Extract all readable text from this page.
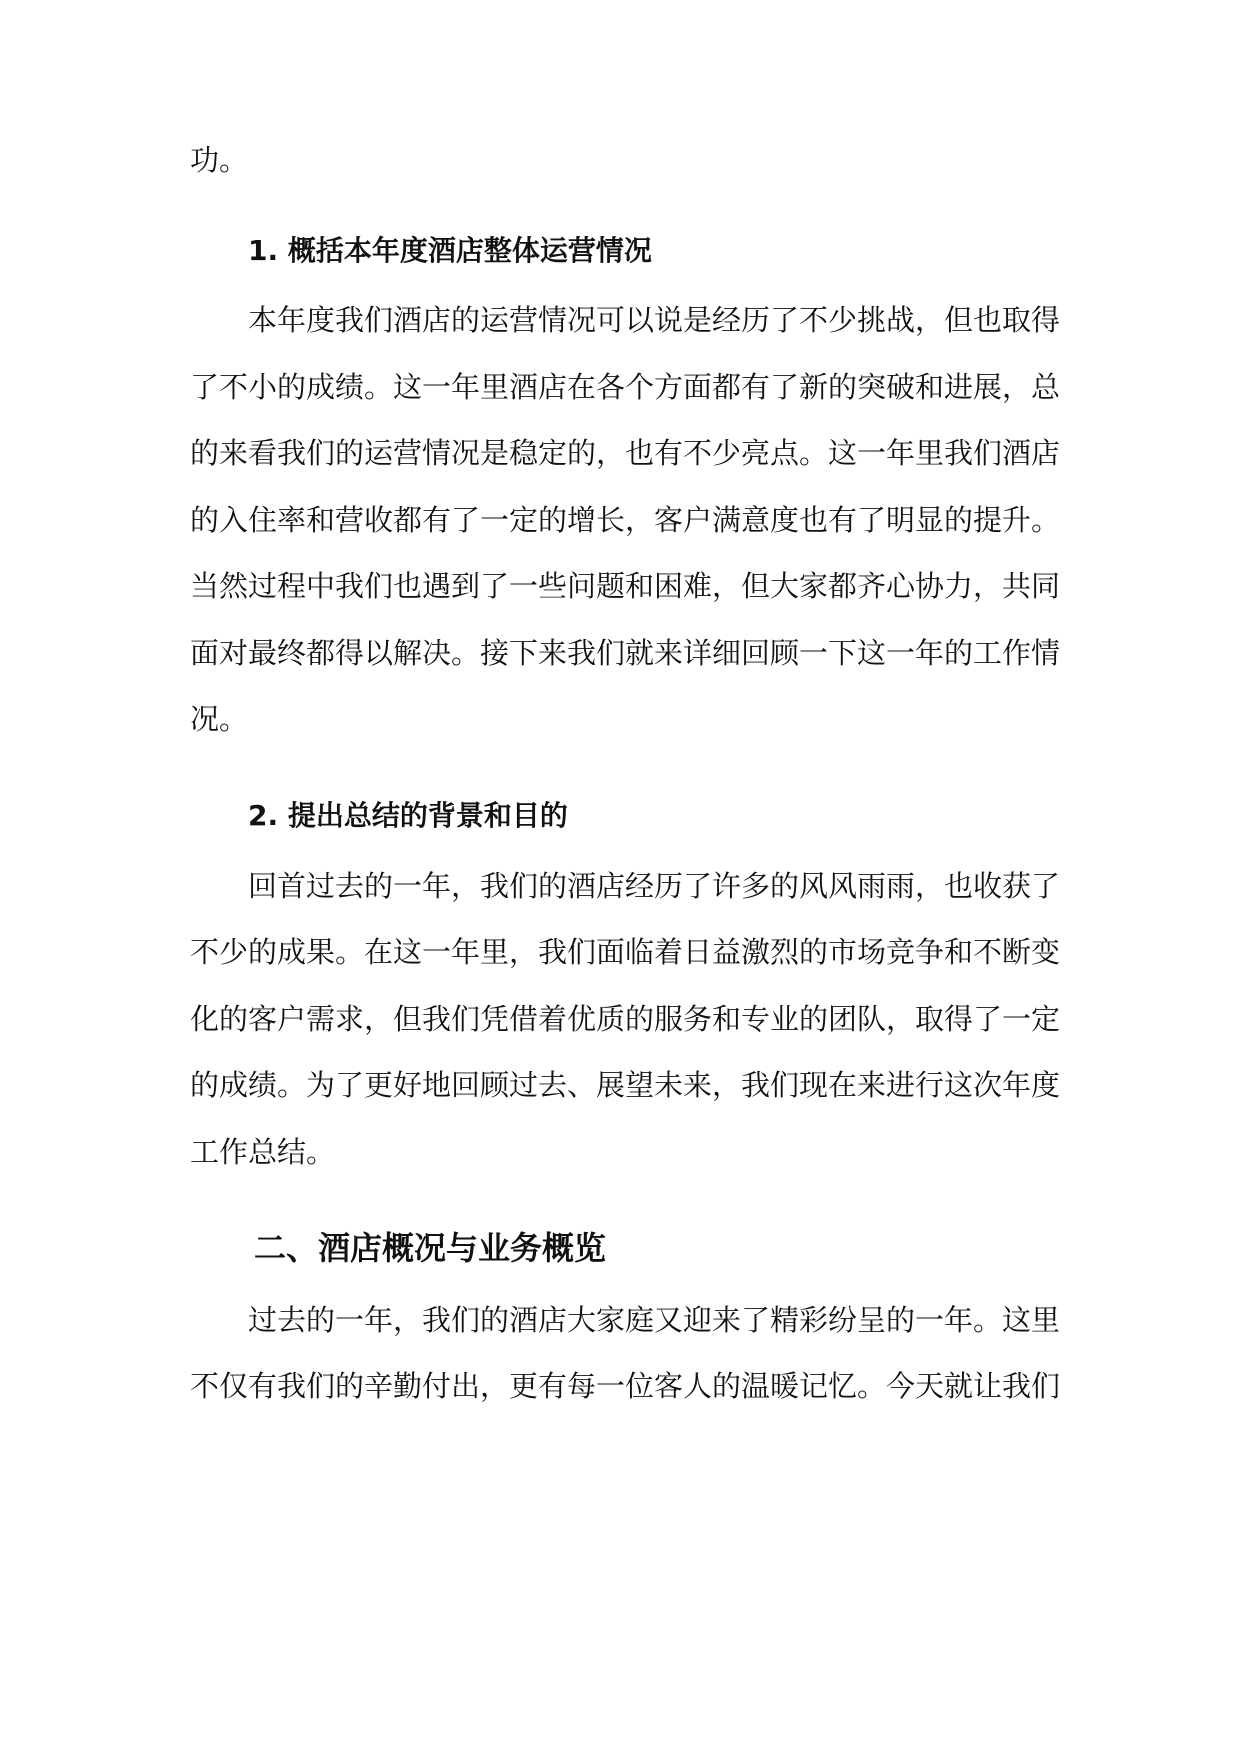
功。
1. 概括本年度酒店整体运营情况
本年度我们酒店的运营情况可以说是经历了不少挑战，但也取得
了不小的成绩。这一年里酒店在各个方面都有了新的突破和进展，总
的来看我们的运营情况是稳定的，也有不少亮点。这一年里我们酒店
的入住率和营收都有了一定的增长，客户满意度也有了明显的提升。
当然过程中我们也遇到了一些问题和困难，但大家都齐心协力，共同
面对最终都得以解决。接下来我们就来详细回顾一下这一年的工作情
况。
2. 提出总结的背景和目的
回首过去的一年，我们的酒店经历了许多的风风雨雨，也收获了
不少的成果。在这一年里，我们面临着日益激烈的市场竞争和不断变
化的客户需求，但我们凭借着优质的服务和专业的团队，取得了一定
的成绩。为了更好地回顾过去、展望未来，我们现在来进行这次年度
工作总结。
二、酒店概况与业务概览
过去的一年，我们的酒店大家庭又迎来了精彩纷呈的一年。这里
不仅有我们的辛勤付出，更有每一位客人的温暖记忆。今天就让我们
